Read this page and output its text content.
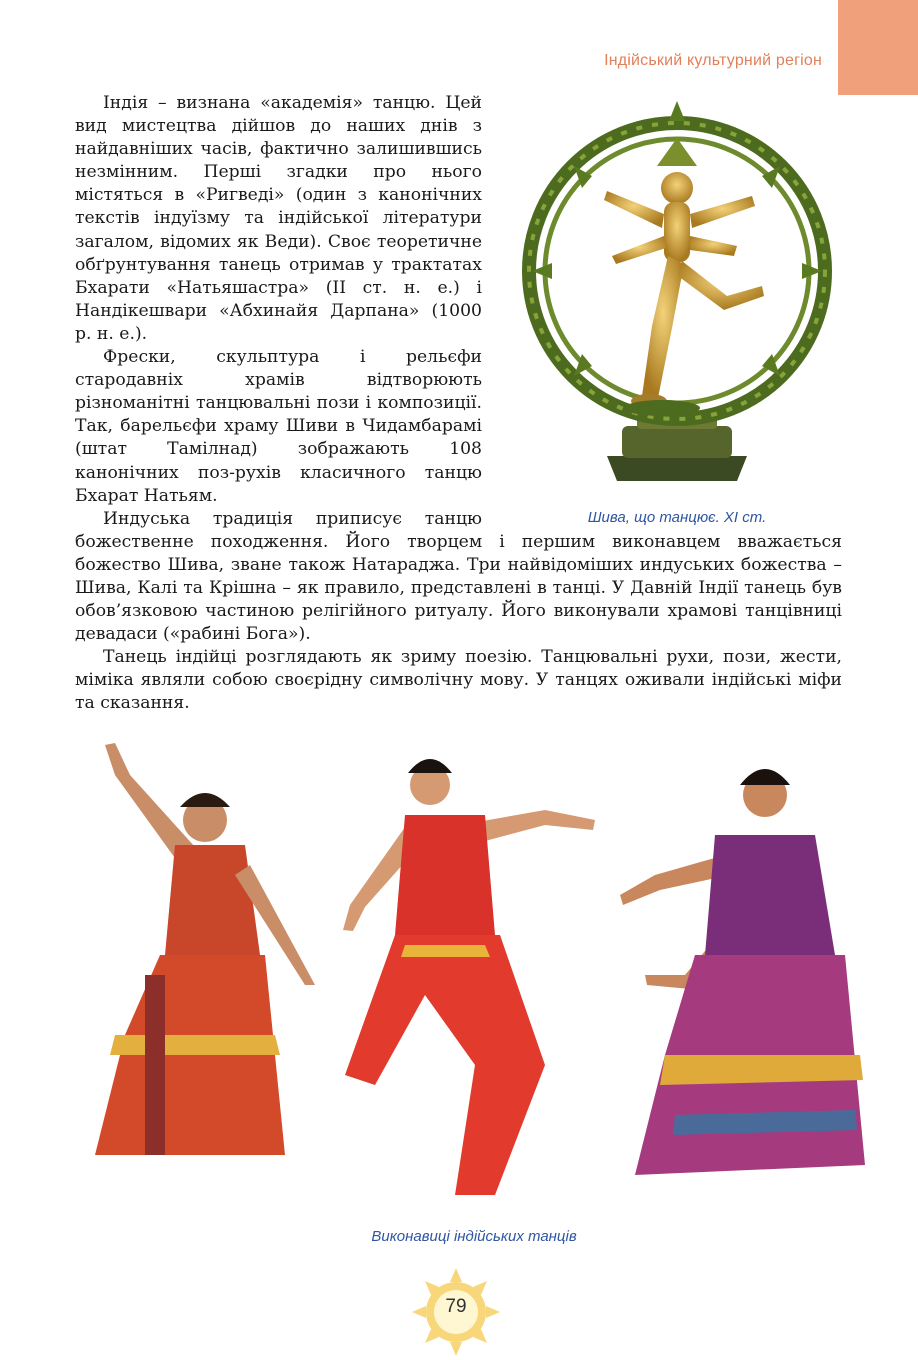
Індійський культурний регіон
Шива, що танцює. ХІ ст.

Індія – визнана «академія» танцю. Цей вид мистецтва дійшов до наших днів з найдавніших часів, фактично залишившись незмінним. Перші згадки про нього містяться в «Ригведі» (один з канонічних текстів індуїзму та індійської літератури загалом, відомих як Веди). Своє теоретичне обґрунтування танець отримав у трактатах Бхарати «Натьяшастра» (ІІ ст. н. е.) і Нандікешвари «Абхинайя Дарпана» (1000 р. н. е.).

Фрески, скульптура і рельєфи стародавніх храмів відтворюють різноманітні танцювальні пози і композиції. Так, барельєфи храму Шиви в Чидамбарамі (штат Тамілнад) зображають 108 канонічних поз-рухів класичного танцю Бхарат Натьям.

Индуська традиція приписує танцю божественне походження. Його творцем і першим виконавцем вважається божество Шива, зване також Натараджа. Три найвідоміших индуських божества – Шива, Калі та Крішна – як правило, представлені в танці. У Давній Індії танець був обов’язковою частиною релігійного ритуалу. Його виконували храмові танцівниці девадаси («рабині Бога»).

Танець індійці розглядають як зриму поезію. Танцювальні рухи, пози, жести, міміка являли собою своєрідну символічну мову. У танцях оживали індійські міфи та сказання.

Виконавиці індійських танців
79
